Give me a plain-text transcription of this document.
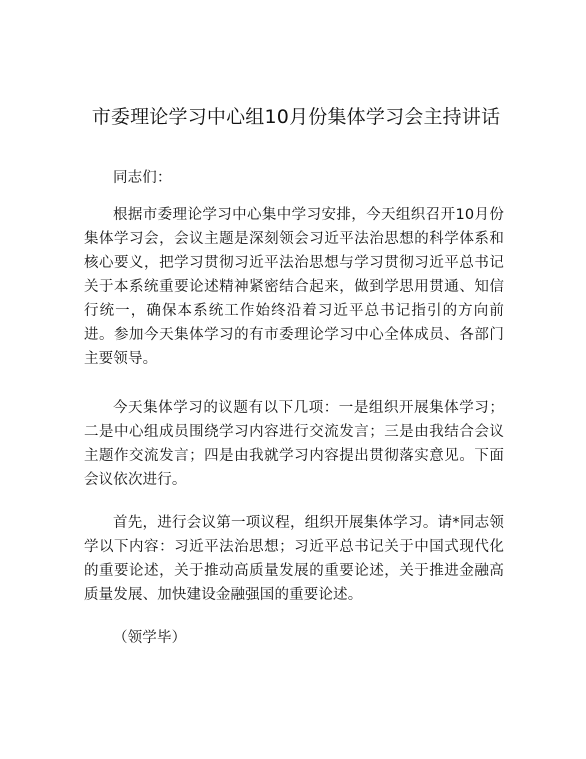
市委理论学习中心组10月份集体学习会主持讲话

同志们：

根据市委理论学习中心集中学习安排，今天组织召开10月份集体学习会，会议主题是深刻领会习近平法治思想的科学体系和核心要义，把学习贯彻习近平法治思想与学习贯彻习近平总书记关于本系统重要论述精神紧密结合起来，做到学思用贯通、知信行统一，确保本系统工作始终沿着习近平总书记指引的方向前进。参加今天集体学习的有市委理论学习中心全体成员、各部门主要领导。

今天集体学习的议题有以下几项：一是组织开展集体学习；二是中心组成员围绕学习内容进行交流发言；三是由我结合会议主题作交流发言；四是由我就学习内容提出贯彻落实意见。下面会议依次进行。

首先，进行会议第一项议程，组织开展集体学习。请*同志领学以下内容：习近平法治思想；习近平总书记关于中国式现代化的重要论述，关于推动高质量发展的重要论述，关于推进金融高质量发展、加快建设金融强国的重要论述。

（领学毕）
